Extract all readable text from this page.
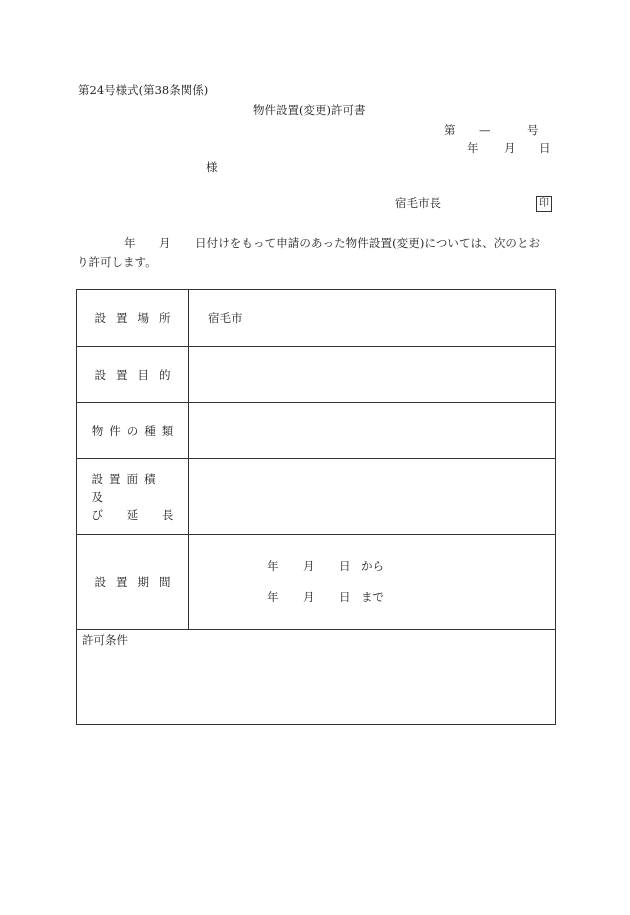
第24号様式(第38条関係)
物件設置(変更)許可書
第 —	号
年 月 日
様
宿毛市長	印
年 月 日付けをもって申請のあった物件設置(変更)については、次のとお
り許可します。
設置場所 宿毛市
設置目的
物件の種類
設置面積及
び 延 長
設置期間
年 月 日 から
年 月 日 まで
許可条件
